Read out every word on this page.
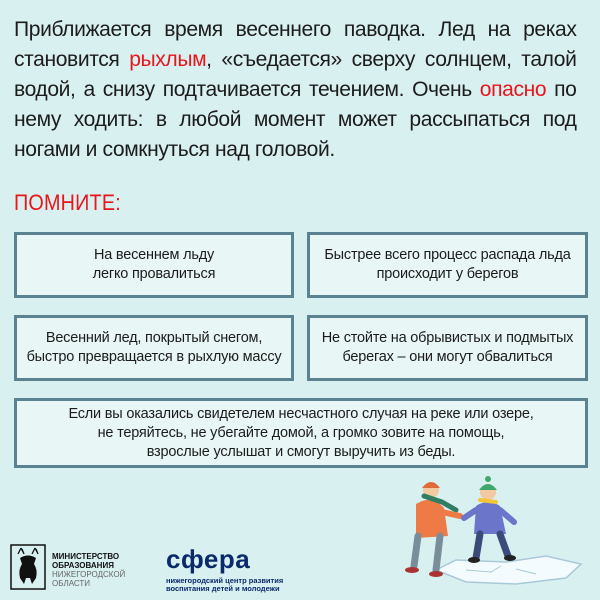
Приближается время весеннего паводка. Лед на реках становится рыхлым, «съедается» сверху солнцем, талой водой, а снизу подтачивается течением. Очень опасно по нему ходить: в любой момент может рассыпаться под ногами и сомкнуться над головой.
ПОМНИТЕ:
На весеннем льду
легко провалиться
Быстрее всего процесс распада льда
происходит у берегов
Весенний лед, покрытый снегом,
быстро превращается в рыхлую массу
Не стойте на обрывистых и подмытых
берегах – они могут обвалиться
Если вы оказались свидетелем несчастного случая на реке или озере,
не теряйтесь, не убегайте домой, а громко зовите на помощь,
взрослые услышат и смогут выручить из беды.
МИНИСТЕРСТВО
ОБРАЗОВАНИЯ
НИЖЕГОРОДСКОЙ
ОБЛАСТИ
сфера
нижегородский центр развития
воспитания детей и молодежи
